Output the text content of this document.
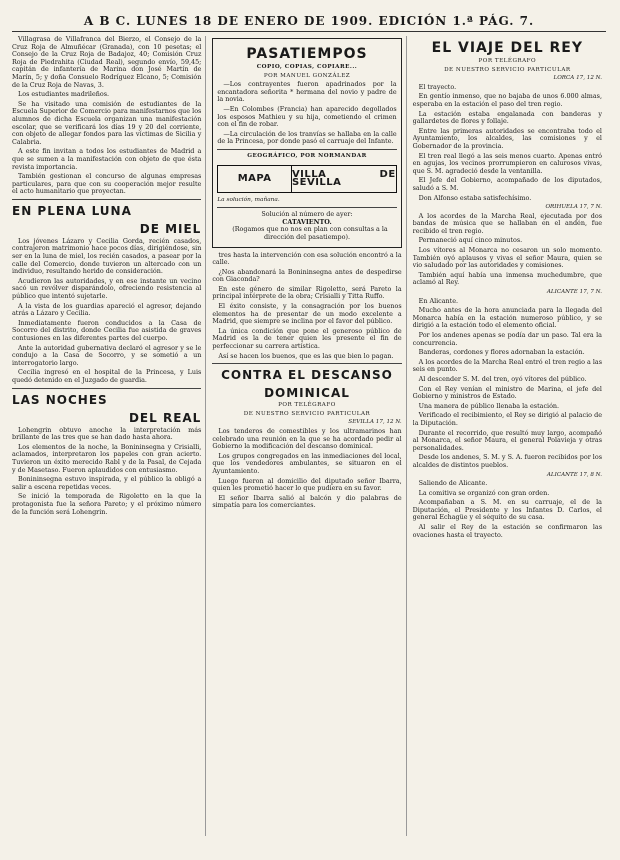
A B C. LUNES 18 DE ENERO DE 1909. EDICIÓN 1.ª PÁG. 7.

Villagrasa de Villafranca del Bierzo, el Consejo de la Cruz Roja de Almuñécar (Granada), con 10 pesetas; el Consejo de la Cruz Roja de Badajoz, 40; Comisión Cruz Roja de Piedrahita (Ciudad Real), segundo envío, 59,45; capitán de infantería de Marina don José Martín de Marín, 5; y doña Consuelo Rodríguez Elcano, 5; Comisión de la Cruz Roja de Navas, 3.

Los estudiantes madrileños.

Se ha visitado una comisión de estudiantes de la Escuela Superior de Comercio para manifestarnos que los alumnos de dicha Escuela organizan una manifestación escolar, que se verificará los días 19 y 20 del corriente, con objeto de allegar fondos para las víctimas de Sicilia y Calabria.

A este fin invitan a todos los estudiantes de Madrid a que se sumen a la manifestación con objeto de que ésta revista importancia.

También gestionan el concurso de algunas empresas particulares, para que con su cooperación mejor resulte el acto humanitario que proyectan.

EN PLENA LUNA
DE MIEL

Los jóvenes Lázaro y Cecilia Gorda, recién casados, contrajeron matrimonio hace pocos días, dirigiéndose, sin ser en la luna de miel, los recién casados, a pasear por la calle del Comercio, donde tuvieron un altercado con un individuo, resultando herido de consideración.

Acudieron las autoridades, y en ese instante un vecino sacó un revólver disparándolo, ofreciendo resistencia al público que intentó sujetarle.

A la vista de los guardias apareció el agresor, dejando atrás a Lázaro y Cecilia.

Inmediatamente fueron conducidos a la Casa de Socorro del distrito, donde Cecilia fue asistida de graves contusiones en las diferentes partes del cuerpo.

Ante la autoridad gubernativa declaró el agresor y se le condujo a la Casa de Socorro, y se sometió a un interrogatorio largo.

Cecilia ingresó en el hospital de la Princesa, y Luis quedó detenido en el Juzgado de guardia.

LAS NOCHES
DEL REAL

Lohengrin obtuvo anoche la interpretación más brillante de las tres que se han dado hasta ahora.

Los elementos de la noche, la Bonininsegna y Crisialli, aclamados, interpretaron los papeles con gran acierto. Tuvieron un éxito merecido Rabl y de la Pasal, de Cejada y de Masetaso. Fueron aplaudidos con entusiasmo.

Bonininsegna estuvo inspirada, y el público la obligó a salir a escena repetidas veces.

Se inició la temporada de Rigoletto en la que la protagonista fue la señora Pareto; y el próximo número de la función será Lohengrin.

PASATIEMPOS
COPIO, COPIAS, COPIARE...
POR MANUEL GONZÁLEZ

—Los contrayentes fueron apadrinados por la encantadora señorita * hermana del novio y padre de la novia.

—En Colombes (Francia) han aparecido degollados los esposos Mathieu y su hija, cometiendo el crimen con el fin de robar.

—La circulación de los tranvías se hallaba en la calle de la Princesa, por donde pasó el carruaje del Infante.

GEOGRÁFICO, POR NORMANDAR
MAPA	VILLA DE SEVILLA
La solución, mañana.
Solución al número de ayer:
CATAVIENTO.

(Rogamos que no nos en plan con consultas a la dirección del pasatiempo).

tres hasta la intervención con esa solución encontró a la calle.

¿Nos abandonará la Bonininsegna antes de despedirse con Giaconda?

En este género de similar Rigoletto, será Pareto la principal intérprete de la obra; Crisialli y Titta Ruffo.

El éxito consiste, y la consagración por los buenos elementos ha de presentar de un modo excelente a Madrid, que siempre se inclina por el favor del público.

La única condición que pone el generoso público de Madrid es la de tener quien les presente el fin de perfeccionar su carrera artística.

Así se hacen los buenos, que es las que bien lo pagan.

CONTRA EL DESCANSO
DOMINICAL
POR TELÉGRAFO
DE NUESTRO SERVICIO PARTICULAR
SEVILLA 17, 12 N.

Los tenderos de comestibles y los ultramarinos han celebrado una reunión en la que se ha acordado pedir al Gobierno la modificación del descanso dominical.

Los grupos congregados en las inmediaciones del local, que los vendedores ambulantes, se situaron en el Ayuntamiento.

Luego fueron al domicilio del diputado señor Ibarra, quien les prometió hacer lo que pudiera en su favor.

El señor Ibarra salió al balcón y dio palabras de simpatía para los comerciantes.

EL VIAJE DEL REY
POR TELÉGRAFO
DE NUESTRO SERVICIO PARTICULAR
LORCA 17, 12 N.

El trayecto.

En gentío inmenso, que no bajaba de unos 6.000 almas, esperaba en la estación el paso del tren regio.

La estación estaba engalanada con banderas y gallardetes de flores y follaje.

Entre las primeras autoridades se encontraba todo el Ayuntamiento, los alcaldes, las comisiones y el Gobernador de la provincia.

El tren real llegó a las seis menos cuarto. Apenas entró en agujas, los vecinos prorrumpieron en calurosos vivas, que S. M. agradeció desde la ventanilla.

El Jefe del Gobierno, acompañado de los diputados, saludó a S. M.

Don Alfonso estaba satisfechísimo.

ORIHUELA 17, 7 N.

A los acordes de la Marcha Real, ejecutada por dos bandas de música que se hallaban en el andén, fue recibido el tren regio.

Permaneció aquí cinco minutos.

Los vítores al Monarca no cesaron un solo momento. También oyó aplausos y vivas el señor Maura, quien se vio saludado por las autoridades y comisiones.

También aquí había una inmensa muchedumbre, que aclamó al Rey.

ALICANTE 17, 7 N.

En Alicante.

Mucho antes de la hora anunciada para la llegada del Monarca había en la estación numeroso público, y se dirigió a la estación todo el elemento oficial.

Por los andenes apenas se podía dar un paso. Tal era la concurrencia.

Banderas, cordones y flores adornaban la estación.

A los acordes de la Marcha Real entró el tren regio a las seis en punto.

Al descender S. M. del tren, oyó vítores del público.

Con el Rey venían el ministro de Marina, el jefe del Gobierno y ministros de Estado.

Una manera de público llenaba la estación.

Verificado el recibimiento, el Rey se dirigió al palacio de la Diputación.

Durante el recorrido, que resultó muy largo, acompañó al Monarca, el señor Maura, el general Polavieja y otras personalidades.

Desde los andenes, S. M. y S. A. fueron recibidos por los alcaldes de distintos pueblos.

ALICANTE 17, 8 N.

Saliendo de Alicante.

La comitiva se organizó con gran orden.

Acompañaban a S. M. en su carruaje, el de la Diputación, el Presidente y los Infantes D. Carlos, el general Echagüe y el séquito de su casa.

Al salir el Rey de la estación se confirmaron las ovaciones hasta el trayecto.
